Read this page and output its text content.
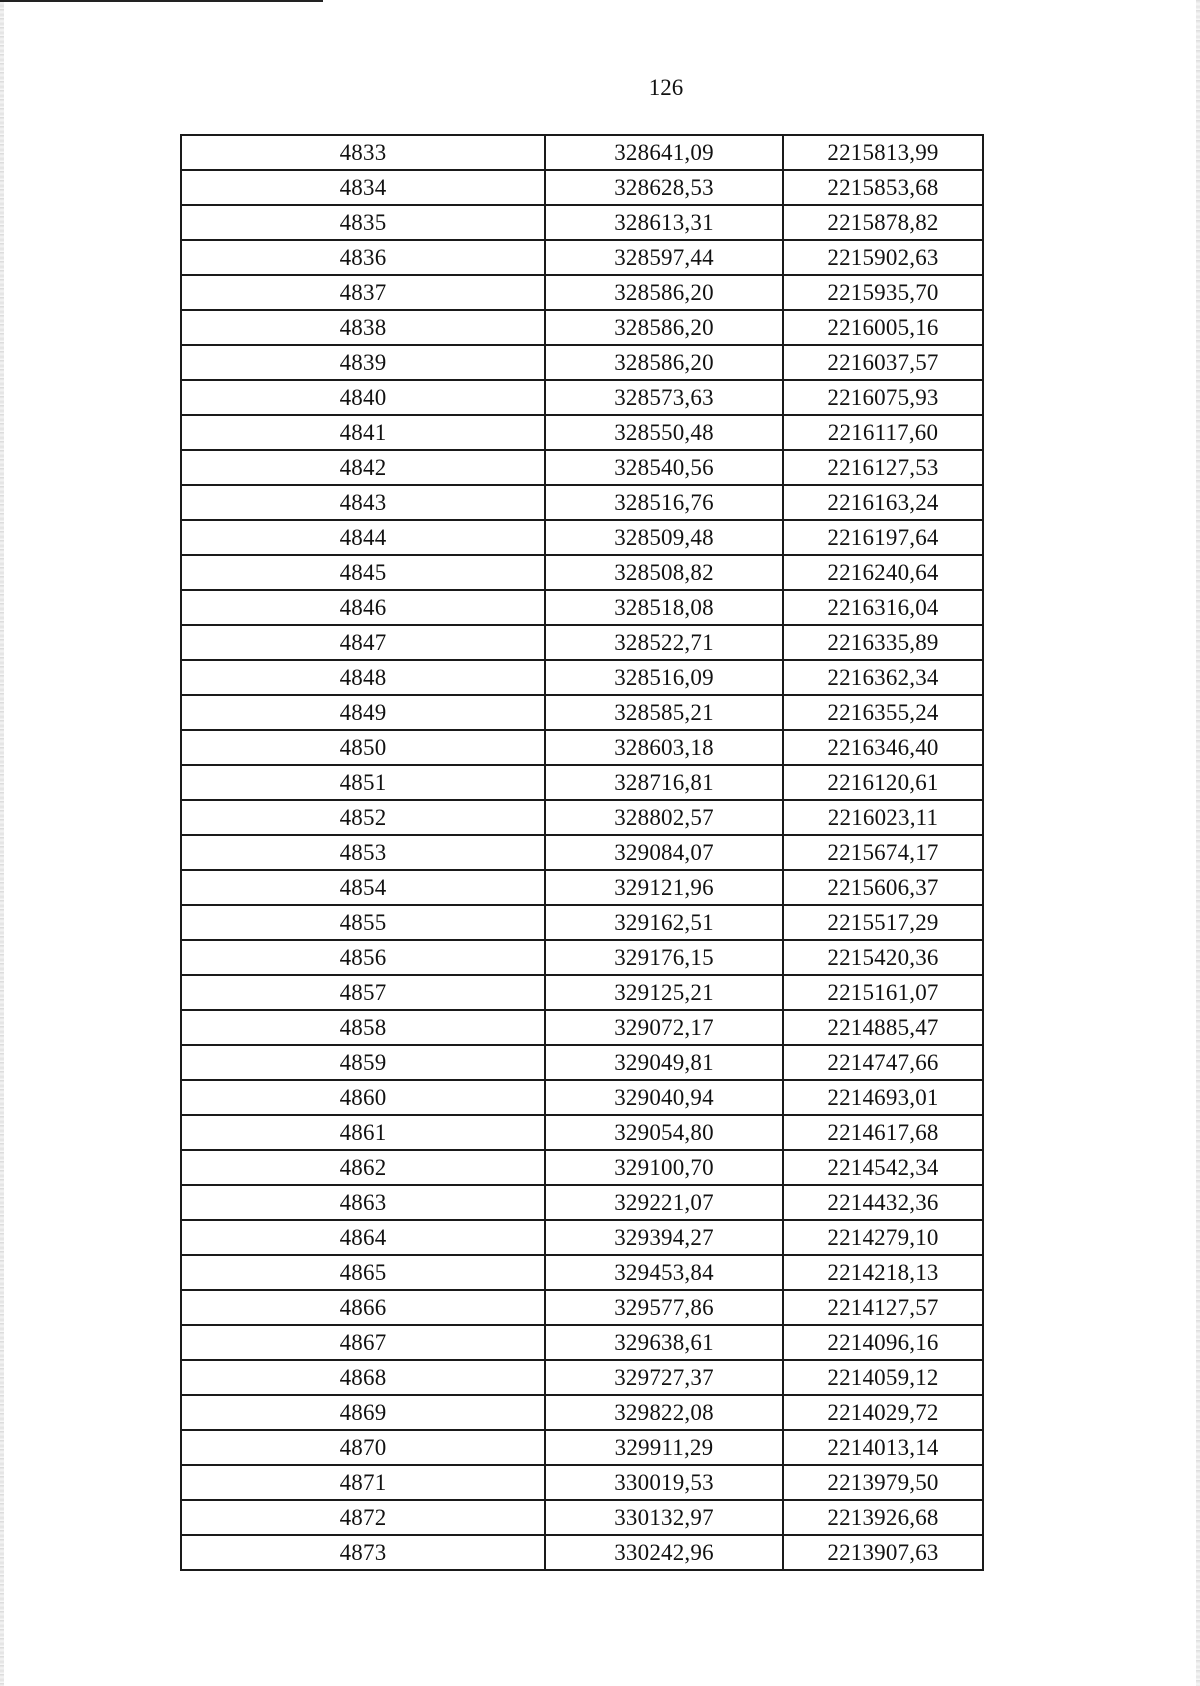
126
4833	328641,09	2215813,99
4834	328628,53	2215853,68
4835	328613,31	2215878,82
4836	328597,44	2215902,63
4837	328586,20	2215935,70
4838	328586,20	2216005,16
4839	328586,20	2216037,57
4840	328573,63	2216075,93
4841	328550,48	2216117,60
4842	328540,56	2216127,53
4843	328516,76	2216163,24
4844	328509,48	2216197,64
4845	328508,82	2216240,64
4846	328518,08	2216316,04
4847	328522,71	2216335,89
4848	328516,09	2216362,34
4849	328585,21	2216355,24
4850	328603,18	2216346,40
4851	328716,81	2216120,61
4852	328802,57	2216023,11
4853	329084,07	2215674,17
4854	329121,96	2215606,37
4855	329162,51	2215517,29
4856	329176,15	2215420,36
4857	329125,21	2215161,07
4858	329072,17	2214885,47
4859	329049,81	2214747,66
4860	329040,94	2214693,01
4861	329054,80	2214617,68
4862	329100,70	2214542,34
4863	329221,07	2214432,36
4864	329394,27	2214279,10
4865	329453,84	2214218,13
4866	329577,86	2214127,57
4867	329638,61	2214096,16
4868	329727,37	2214059,12
4869	329822,08	2214029,72
4870	329911,29	2214013,14
4871	330019,53	2213979,50
4872	330132,97	2213926,68
4873	330242,96	2213907,63
